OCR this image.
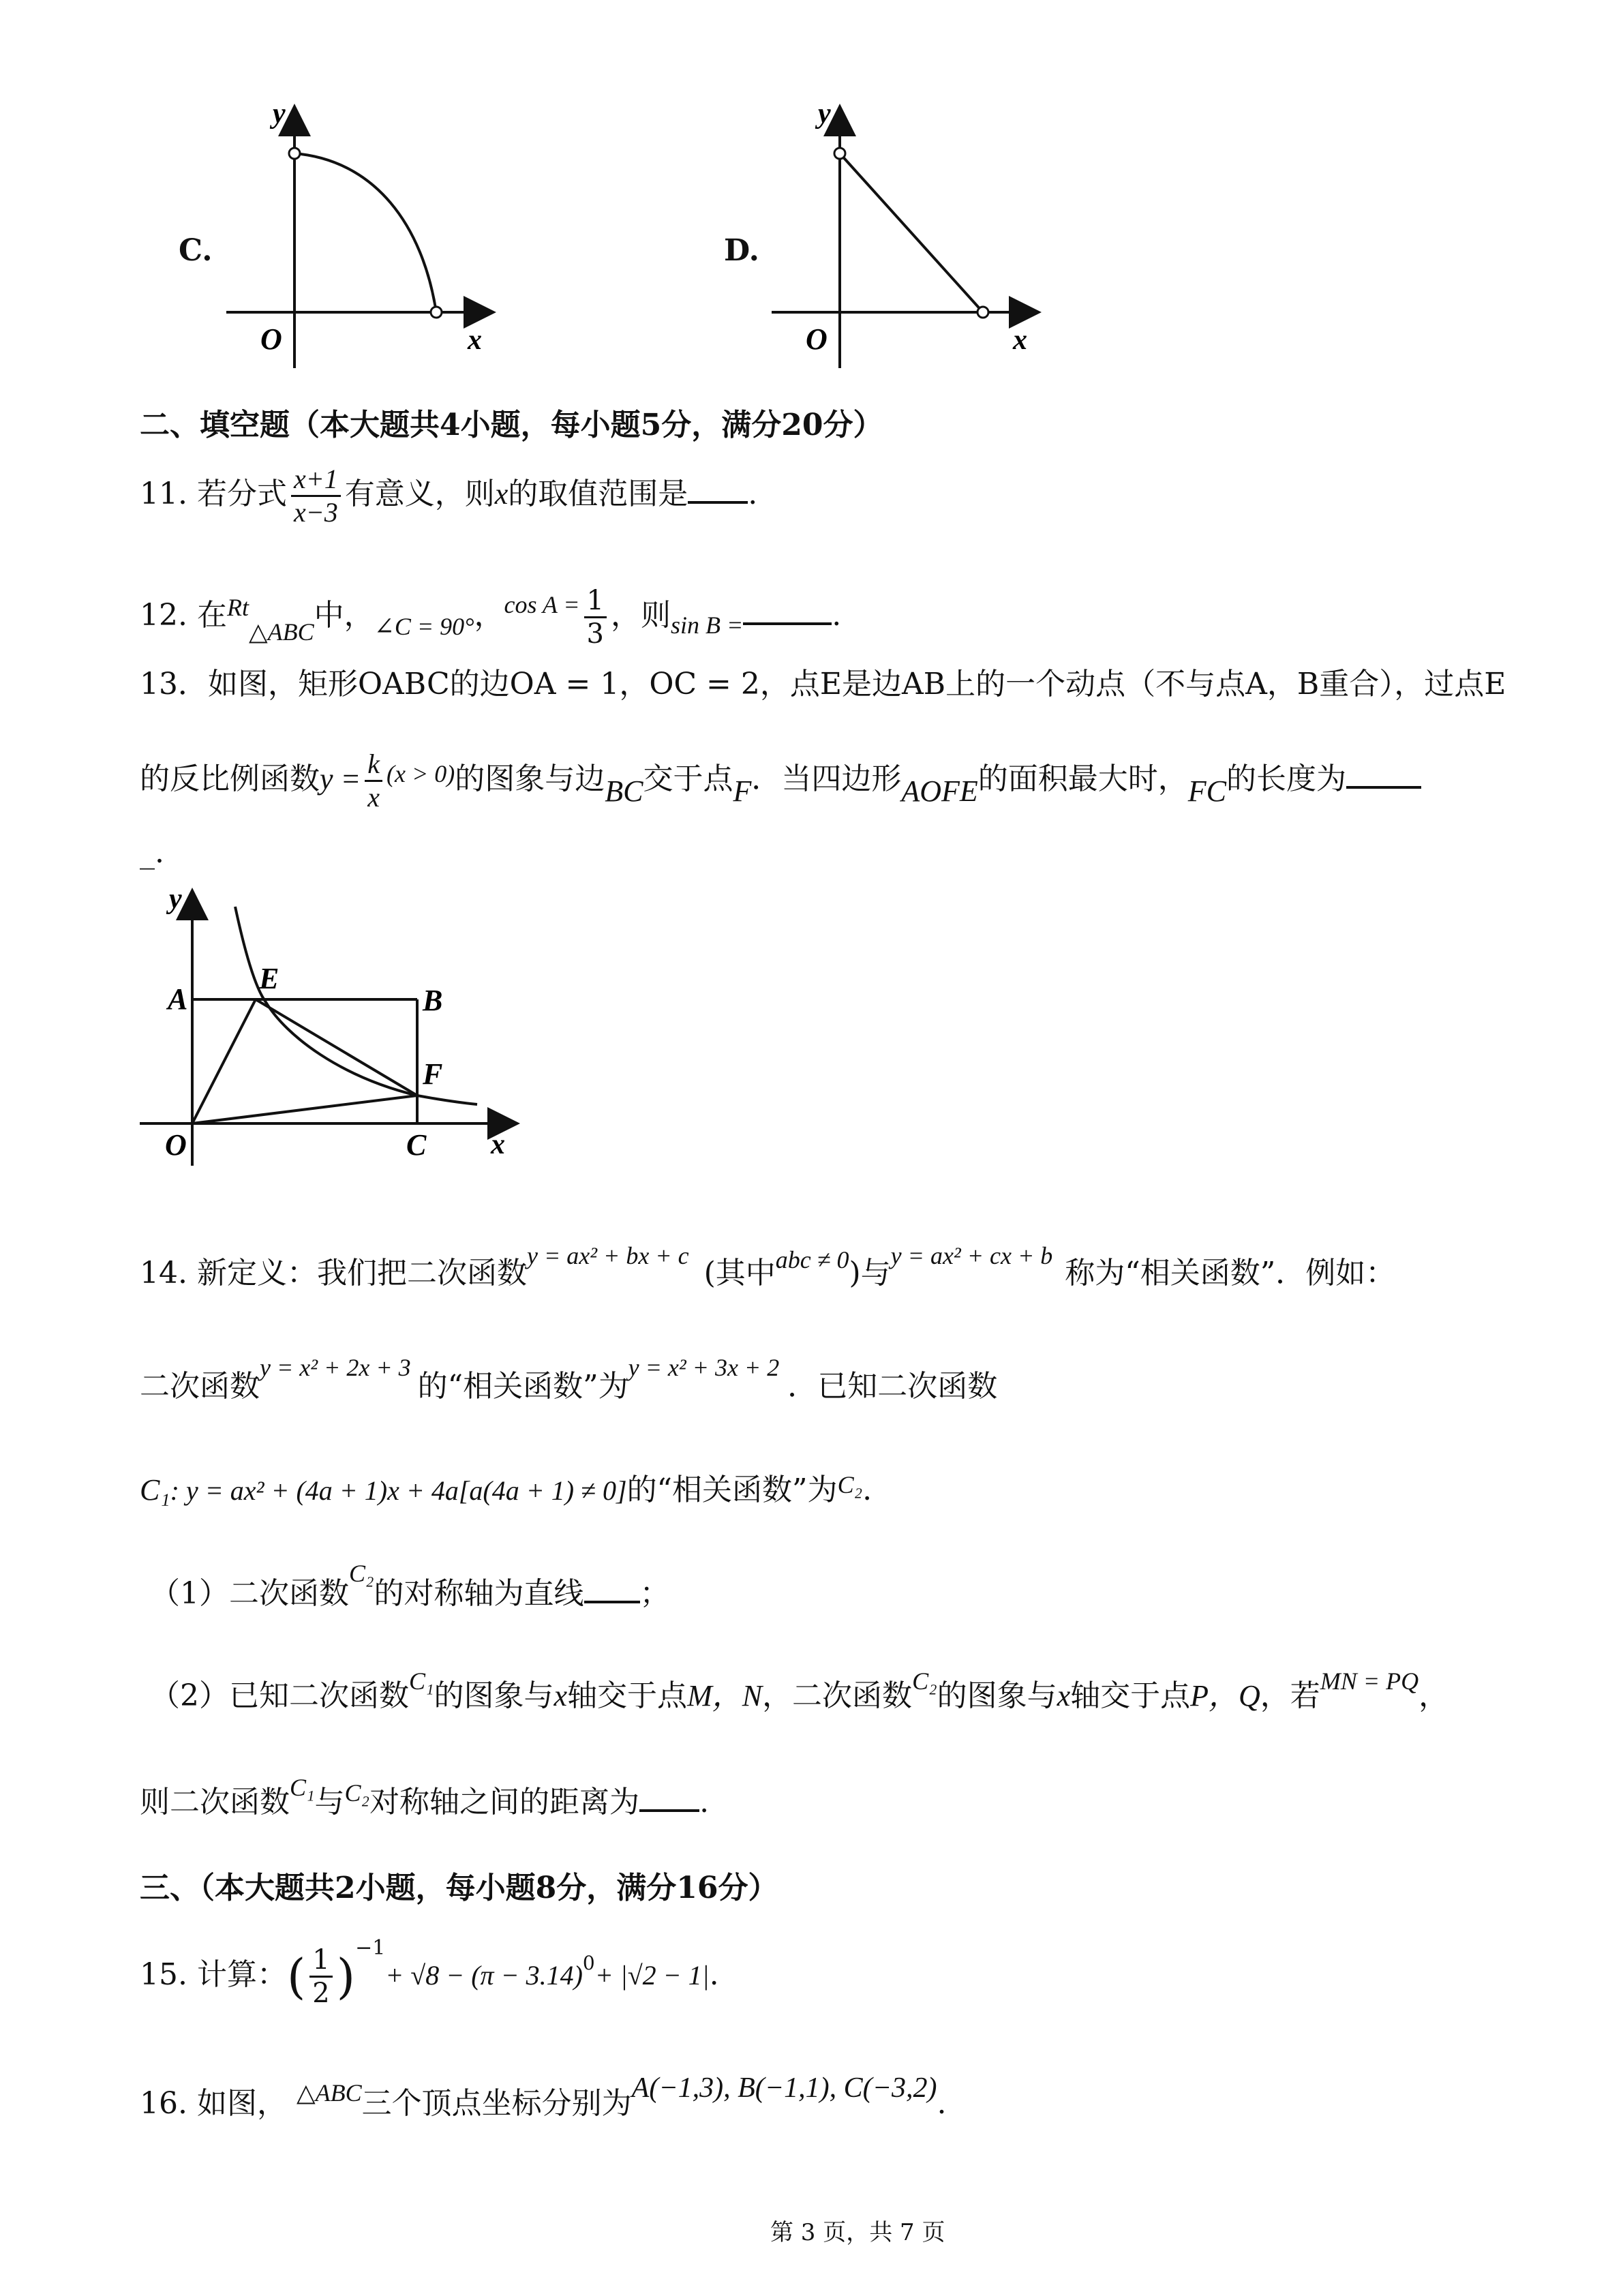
C.
y
x
O
D.
y
x
O
二、填空题（本大题共4小题，每小题5分，满分20分）
11. 若分式 $\frac{x+1}{x-3}$ 有意义，则x的取值范围是 .
12. 在$^{Rt}_{\triangle ABC}$中，$_{\angle C = 90^\circ}$，$^{cos A =} \frac{1}{3}$ ，则$_{sin B =}$	.
13．如图，矩形OABC的边OA = 1，OC = 2，点E是边AB上的一个动点（不与点A，B重合），过点E
的反比例函数$y = \frac{k}{x} ^{(x > 0)}$的图象与边BC交于点F．当四边形AOFE的面积最大时，FC的长度为
_.
y
x
A
E
B
F
C
O
14. 新定义：我们把二次函数$^{y = ax^2 + bx + c}$ (其中$^{abc \ne 0}$)与$^{y = ax^2 + cx + b}$ 称为“相关函数”．例如：
二次函数$^{y = x^2 + 2x + 3}$的“相关函数”为$^{y = x^2 + 3x + 2}$．已知二次函数
C₁: y = ax² + (4a + 1)x + 4a[a(4a + 1) ≠ 0]的“相关函数”为$^{C_2}$.
（1）二次函数$^{C_2}$的对称轴为直线 ；
（2）已知二次函数$^{C_1}$的图象与x轴交于点M，N，二次函数$^{C_2}$的图象与x轴交于点P，Q，若$^{MN = PQ}$，
则二次函数$^{C_1}$与$^{C_2}$对称轴之间的距离为 .
三、（本大题共2小题，每小题8分，满分16分）
15. 计算：( $\frac{1}{2} )^{-1}+ √8 - (\pi - 3.14)^0+ |√2 - 1|$.
16. 如图， $^{\triangle ABC}$三个顶点坐标分别为A(−1,3), B(−1,1), C(−3,2).
第 3 页，共 7 页
